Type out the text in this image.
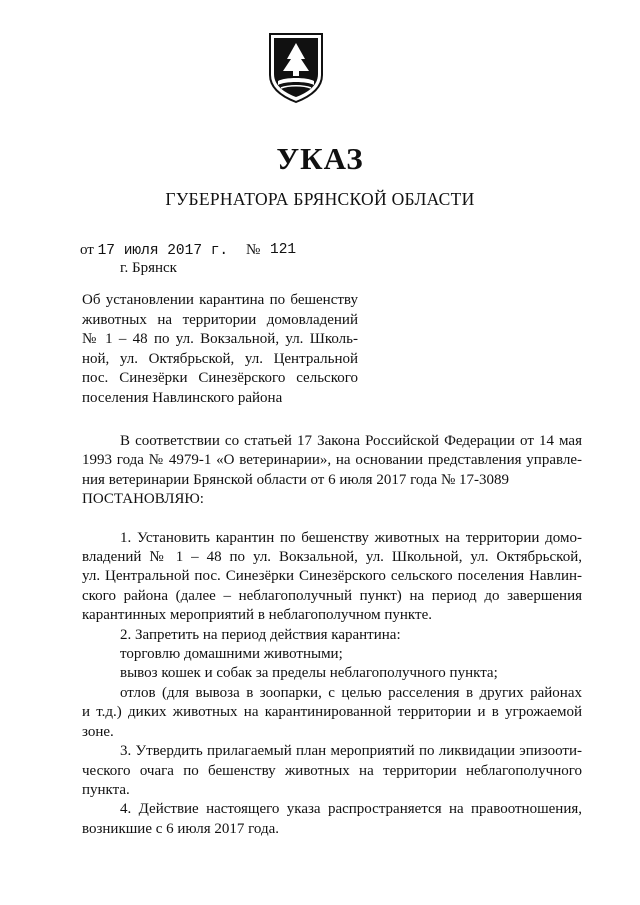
УКАЗ
ГУБЕРНАТОРА БРЯНСКОЙ ОБЛАСТИ
от 17 июля 2017 г. № 121
г. Брянск
Об установлении карантина по бешенству
животных на территории домовладений
№ 1 – 48 по ул. Вокзальной, ул. Школь-
ной, ул. Октябрьской, ул. Центральной
пос. Синезёрки Синезёрского сельского
поселения Навлинского района
В соответствии со статьей 17 Закона Российской Федерации от 14 мая
1993 года № 4979-1 «О ветеринарии», на основании представления управле-
ния ветеринарии Брянской области от 6 июля 2017 года № 17-3089
ПОСТАНОВЛЯЮ:
1. Установить карантин по бешенству животных на территории домо-
владений № 1 – 48 по ул. Вокзальной, ул. Школьной, ул. Октябрьской,
ул. Центральной пос. Синезёрки Синезёрского сельского поселения Навлин-
ского района (далее – неблагополучный пункт) на период до завершения
карантинных мероприятий в неблагополучном пункте.
2. Запретить на период действия карантина:
торговлю домашними животными;
вывоз кошек и собак за пределы неблагополучного пункта;
отлов (для вывоза в зоопарки, с целью расселения в других районах
и т.д.) диких животных на карантинированной территории и в угрожаемой
зоне.
3. Утвердить прилагаемый план мероприятий по ликвидации эпизооти-
ческого очага по бешенству животных на территории неблагополучного
пункта.
4. Действие настоящего указа распространяется на правоотношения,
возникшие с 6 июля 2017 года.
